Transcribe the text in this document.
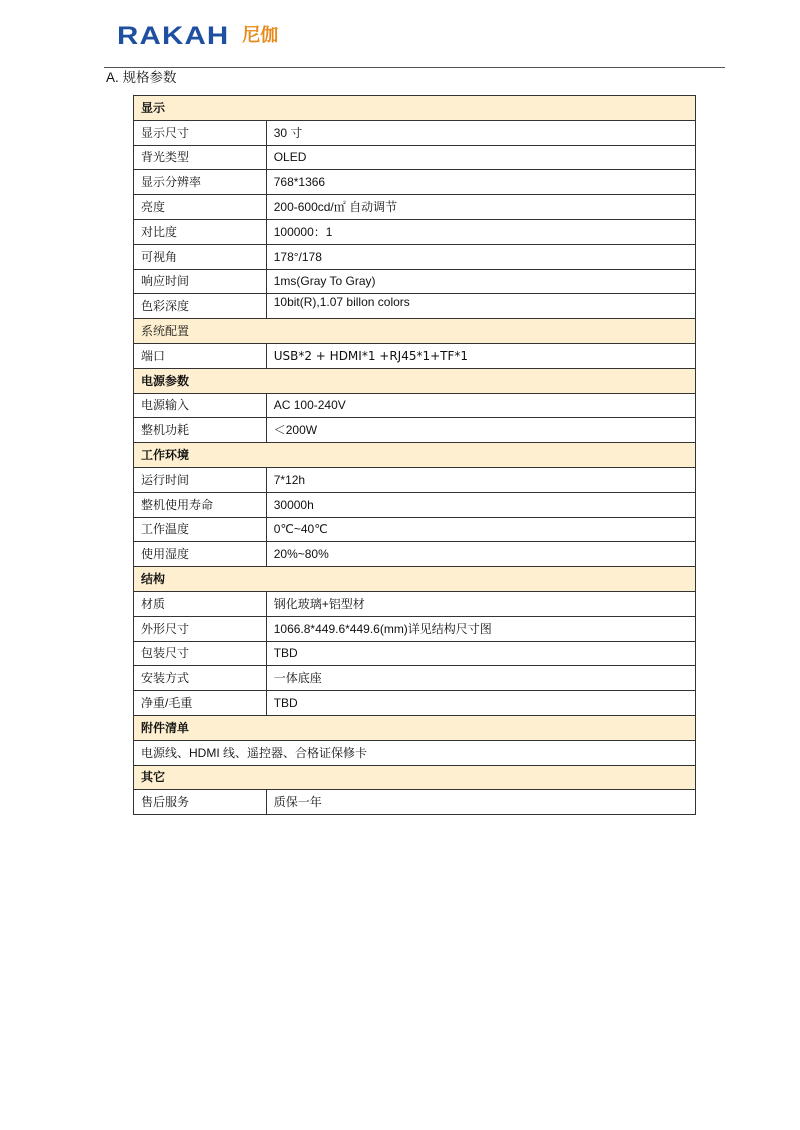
RAKAH 尼伽
A. 规格参数
显示	
显示尺寸	30 寸
背光类型	OLED
显示分辨率	768*1366
亮度	200-600cd/㎡ 自动调节
对比度	100000：1
可视角	178°/178
响应时间	1ms(Gray To Gray)
色彩深度	10bit(R),1.07 billon colors
系统配置	
端口	USB*2 + HDMI*1 +RJ45*1+TF*1
电源参数	
电源输入	AC 100-240V
整机功耗	＜200W
工作环境	
运行时间	7*12h
整机使用寿命	30000h
工作温度	0℃~40℃
使用湿度	20%~80%
结构	
材质	钢化玻璃+铝型材
外形尺寸	1066.8*449.6*449.6(mm)详见结构尺寸图
包装尺寸	TBD
安装方式	一体底座
净重/毛重	TBD
附件清单	
电源线、HDMI 线、遥控器、合格证保修卡	
其它	
售后服务	质保一年
